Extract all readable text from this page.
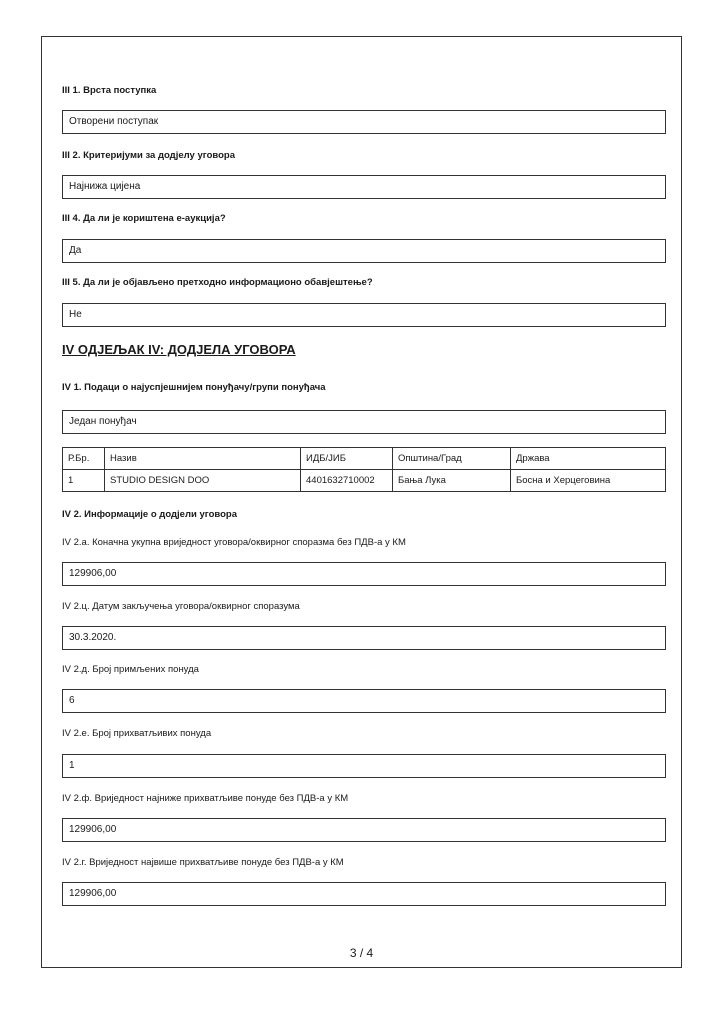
III 1. Врста поступка
Отворени поступак
III 2. Критеријуми за додјелу уговора
Најнижа цијена
III 4. Да ли је кориштена е-аукција?
Да
III 5. Да ли је објављено претходно информационо обавјештење?
Не
IV ОДЈЕЉАК IV: ДОДЈЕЛА УГОВОРА
IV 1. Подаци о најуспјешнијем понуђачу/групи понуђача
Један понуђач
Р.Бр.	Назив	ИДБ/ЈИБ	Општина/Град	Држава
1	STUDIO DESIGN DOO	4401632710002	Бања Лука	Босна и Херцеговина
IV 2. Информације о додјели уговора
IV 2.а. Коначна укупна вриједност уговора/оквирног споразма без ПДВ-а у КМ
129906,00
IV 2.ц. Датум закључења уговора/оквирног споразума
30.3.2020.
IV 2.д. Број примљених понуда
6
IV 2.е. Број прихватљивих понуда
1
IV 2.ф. Вриједност најниже прихватљиве понуде без ПДВ-а у КМ
129906,00
IV 2.г. Вриједност највише прихватљиве понуде без ПДВ-а у КМ
129906,00
3 / 4
